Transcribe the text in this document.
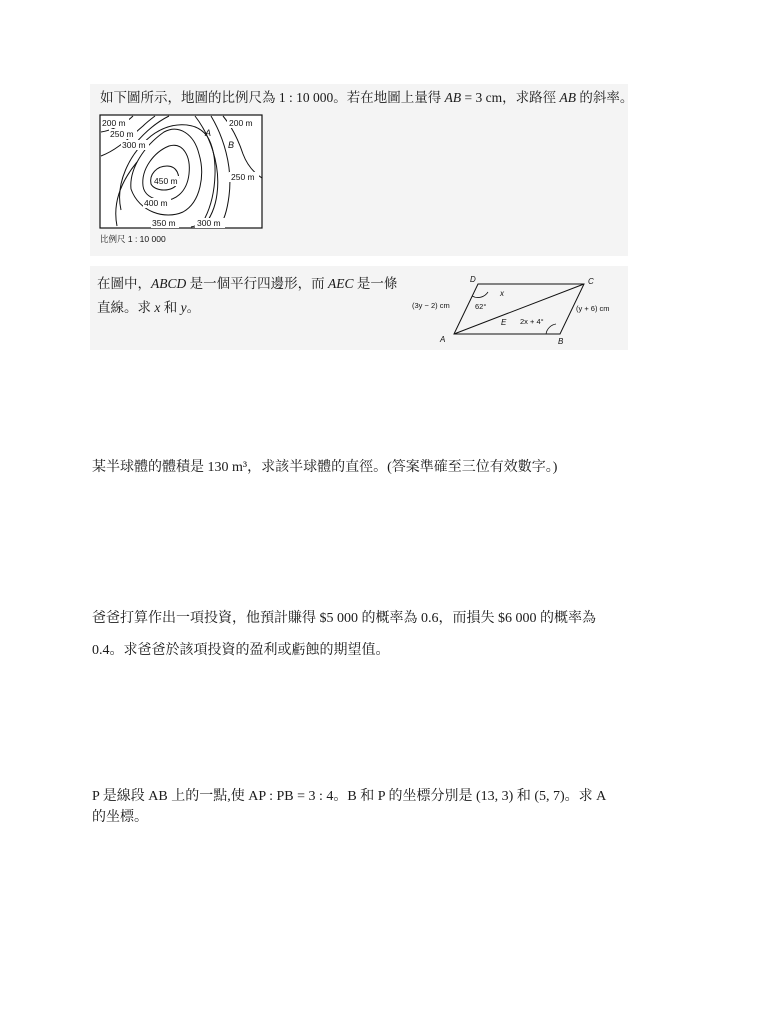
如下圖所示，地圖的比例尺為 1 : 10 000。若在地圖上量得 AB = 3 cm，求路徑 AB 的斜率。
200 m
250 m
300 m
450 m
200 m
250 m
400 m
350 m	300 m
A
B
比例尺 1 : 10 000
在圖中，ABCD 是一個平行四邊形，而 AEC 是一條
直線。求 x 和 y。
D	C
A	B
E
(3y − 2) cm	(y + 6) cm
62°
x
2x + 4°
某半球體的體積是 130 m³，求該半球體的直徑。(答案準確至三位有效數字。)
爸爸打算作出一項投資，他預計賺得 $5 000 的概率為 0.6，而損失 $6 000 的概率為
0.4。求爸爸於該項投資的盈利或虧蝕的期望值。
P 是線段 AB 上的一點,使 AP : PB = 3 : 4。B 和 P 的坐標分別是 (13, 3) 和 (5, 7)。求 A
的坐標。
